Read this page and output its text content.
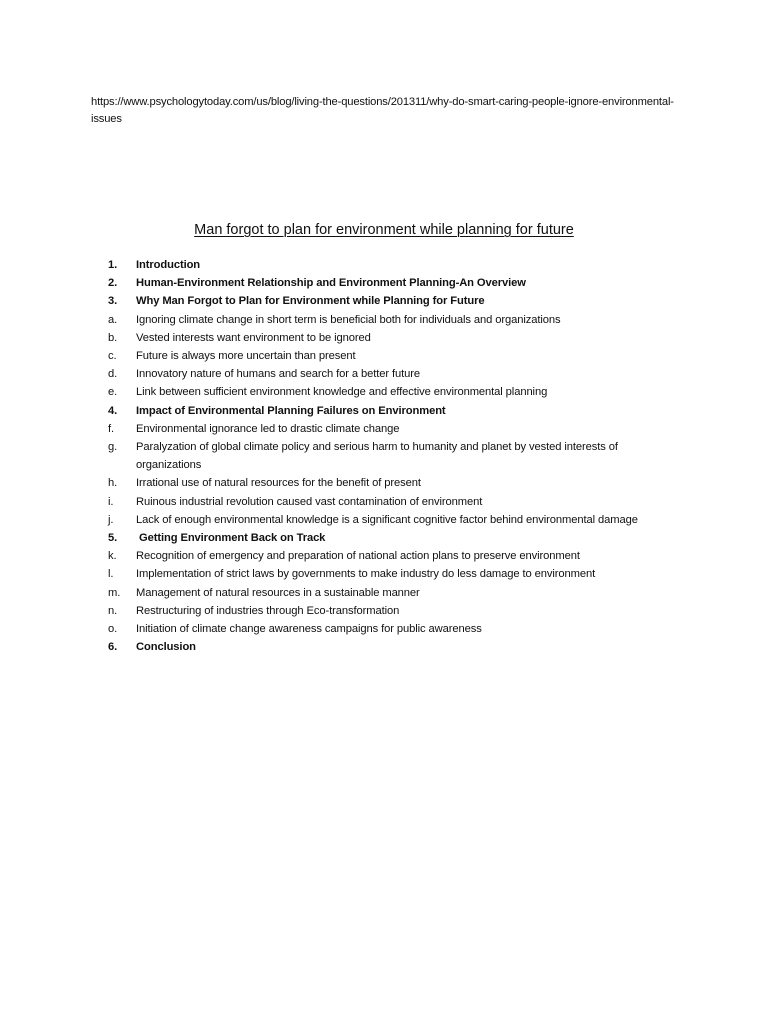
https://www.psychologytoday.com/us/blog/living-the-questions/201311/why-do-smart-caring-people-ignore-environmental-issues
Man forgot to plan for environment while planning for future
1.	Introduction
2.	Human-Environment Relationship and Environment Planning-An Overview
3.	Why Man Forgot to Plan for Environment while Planning for Future
a.	Ignoring climate change in short term is beneficial both for individuals and organizations
b.	Vested interests want environment to be ignored
c.	Future is always more uncertain than present
d.	Innovatory nature of humans and search for a better future
e.	Link between sufficient environment knowledge and effective environmental planning
4.	Impact of Environmental Planning Failures on Environment
f.	Environmental ignorance led to drastic climate change
g.	Paralyzation of global climate policy and serious harm to humanity and planet by vested interests of organizations
h.	Irrational use of natural resources for the benefit of present
i.	Ruinous industrial revolution caused vast contamination of environment
j.	Lack of enough environmental knowledge is a significant cognitive factor behind environmental damage
5.	Getting Environment Back on Track
k.	Recognition of emergency and preparation of national action plans to preserve environment
l.	Implementation of strict laws by governments to make industry do less damage to environment
m.	Management of natural resources in a sustainable manner
n.	Restructuring of industries through Eco-transformation
o.	Initiation of climate change awareness campaigns for public awareness
6.	Conclusion
